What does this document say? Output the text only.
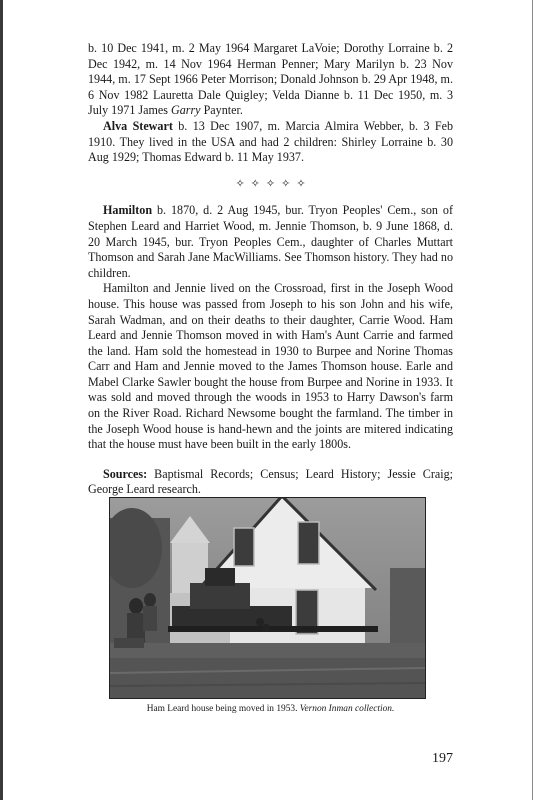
b. 10 Dec 1941, m. 2 May 1964 Margaret LaVoie; Dorothy Lorraine b. 2 Dec 1942, m. 14 Nov 1964 Herman Penner; Mary Marilyn b. 23 Nov 1944, m. 17 Sept 1966 Peter Morrison; Donald Johnson b. 29 Apr 1948, m. 6 Nov 1982 Lauretta Dale Quigley; Velda Dianne b. 11 Dec 1950, m. 3 July 1971 James Garry Paynter.

Alva Stewart b. 13 Dec 1907, m. Marcia Almira Webber, b. 3 Feb 1910. They lived in the USA and had 2 children: Shirley Lorraine b. 30 Aug 1929; Thomas Edward b. 11 May 1937.

✧✧✧✧✧

Hamilton b. 1870, d. 2 Aug 1945, bur. Tryon Peoples' Cem., son of Stephen Leard and Harriet Wood, m. Jennie Thomson, b. 9 June 1868, d. 20 March 1945, bur. Tryon Peoples Cem., daughter of Charles Muttart Thomson and Sarah Jane MacWilliams. See Thomson history. They had no children.

Hamilton and Jennie lived on the Crossroad, first in the Joseph Wood house. This house was passed from Joseph to his son John and his wife, Sarah Wadman, and on their deaths to their daughter, Carrie Wood. Ham Leard and Jennie Thomson moved in with Ham's Aunt Carrie and farmed the land. Ham sold the homestead in 1930 to Burpee and Norine Thomas Carr and Ham and Jennie moved to the James Thomson house. Earle and Mabel Clarke Sawler bought the house from Burpee and Norine in 1933. It was sold and moved through the woods in 1953 to Harry Dawson's farm on the River Road. Richard Newsome bought the farmland. The timber in the Joseph Wood house is hand-hewn and the joints are mitered indicating that the house must have been built in the early 1800s.

Sources: Baptismal Records; Census; Leard History; Jessie Craig; George Leard research.

Ham Leard house being moved in 1953. Vernon Inman collection.
197
